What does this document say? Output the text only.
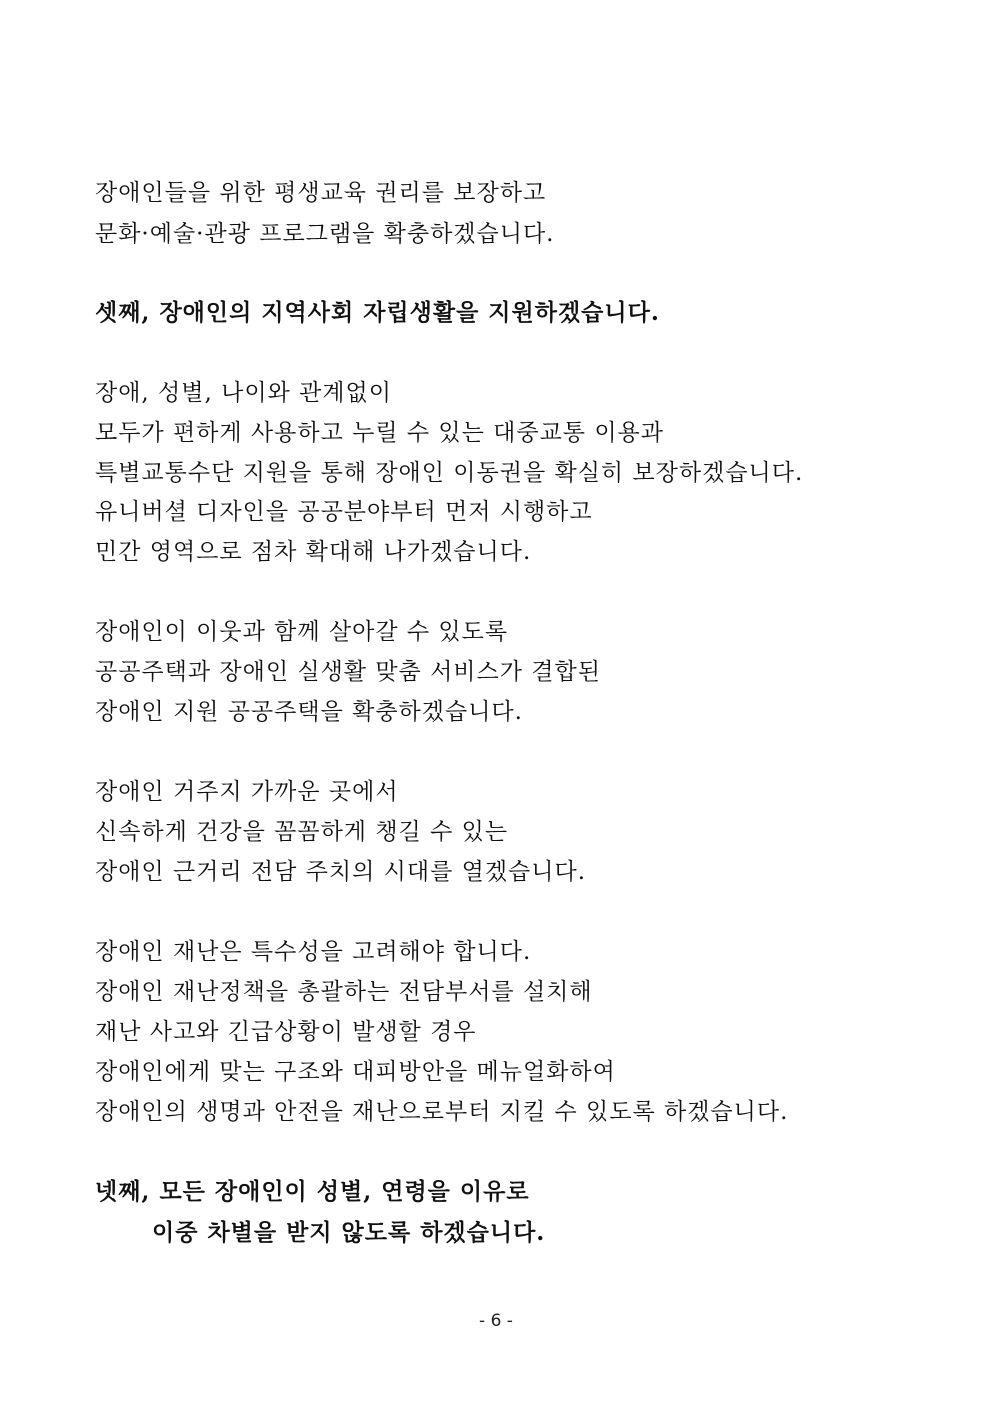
장애인들을 위한 평생교육 권리를 보장하고
문화·예술·관광 프로그램을 확충하겠습니다.
셋째, 장애인의 지역사회 자립생활을 지원하겠습니다.
장애, 성별, 나이와 관계없이
모두가 편하게 사용하고 누릴 수 있는 대중교통 이용과
특별교통수단 지원을 통해 장애인 이동권을 확실히 보장하겠습니다.
유니버셜 디자인을 공공분야부터 먼저 시행하고
민간 영역으로 점차 확대해 나가겠습니다.
장애인이 이웃과 함께 살아갈 수 있도록
공공주택과 장애인 실생활 맞춤 서비스가 결합된
장애인 지원 공공주택을 확충하겠습니다.
장애인 거주지 가까운 곳에서
신속하게 건강을 꼼꼼하게 챙길 수 있는
장애인 근거리 전담 주치의 시대를 열겠습니다.
장애인 재난은 특수성을 고려해야 합니다.
장애인 재난정책을 총괄하는 전담부서를 설치해
재난 사고와 긴급상황이 발생할 경우
장애인에게 맞는 구조와 대피방안을 메뉴얼화하여
장애인의 생명과 안전을 재난으로부터 지킬 수 있도록 하겠습니다.
넷째, 모든 장애인이 성별, 연령을 이유로
이중 차별을 받지 않도록 하겠습니다.
- 6 -
